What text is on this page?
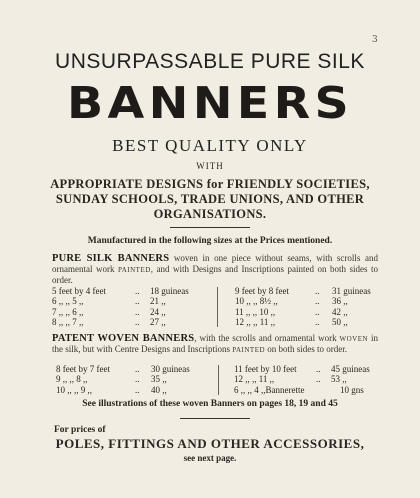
3
UNSURPASSABLE PURE SILK
BANNERS
BEST QUALITY ONLY
WITH
APPROPRIATE DESIGNS for FRIENDLY SOCIETIES,
SUNDAY SCHOOLS, TRADE UNIONS, AND OTHER
ORGANISATIONS.
Manufactured in the following sizes at the Prices mentioned.
PURE SILK BANNERS woven in one piece without seams, with scrolls and ornamental work PAINTED, and with Designs and Inscriptions painted on both sides to order.
5 feet by 4 feet	.. 18 guineas
6 ,, ,, 5 ,,	.. 21 ,,
7 ,, ,, 6 ,,	.. 24 ,,
8 ,, ,, 7 ,,	.. 27 ,,
9 feet by 8 feet	.. 31 guineas
10 ,, ,, 8½ ,,	.. 36 ,,
11 ,, ,, 10 ,,	.. 42 ,,
12 ,, ,, 11 ,,	.. 50 ,,
PATENT WOVEN BANNERS, with the scrolls and ornamental work WOVEN in the silk, but with Centre Designs and Inscriptions PAINTED on both sides to order.
8 feet by 7 feet	.. 30 guineas
9 ,, ,, 8 ,,	.. 35 ,,
10 ,, ,, 9 ,,	.. 40 ,,
11 feet by 10 feet .. 45 guineas
12 ,, ,, 11 ,,	.. 53 ,,
6 ,, ,, 4 ,,Bannerette	10 gns
See illustrations of these woven Banners on pages 18, 19 and 45
For prices of
POLES, FITTINGS AND OTHER ACCESSORIES,
see next page.
